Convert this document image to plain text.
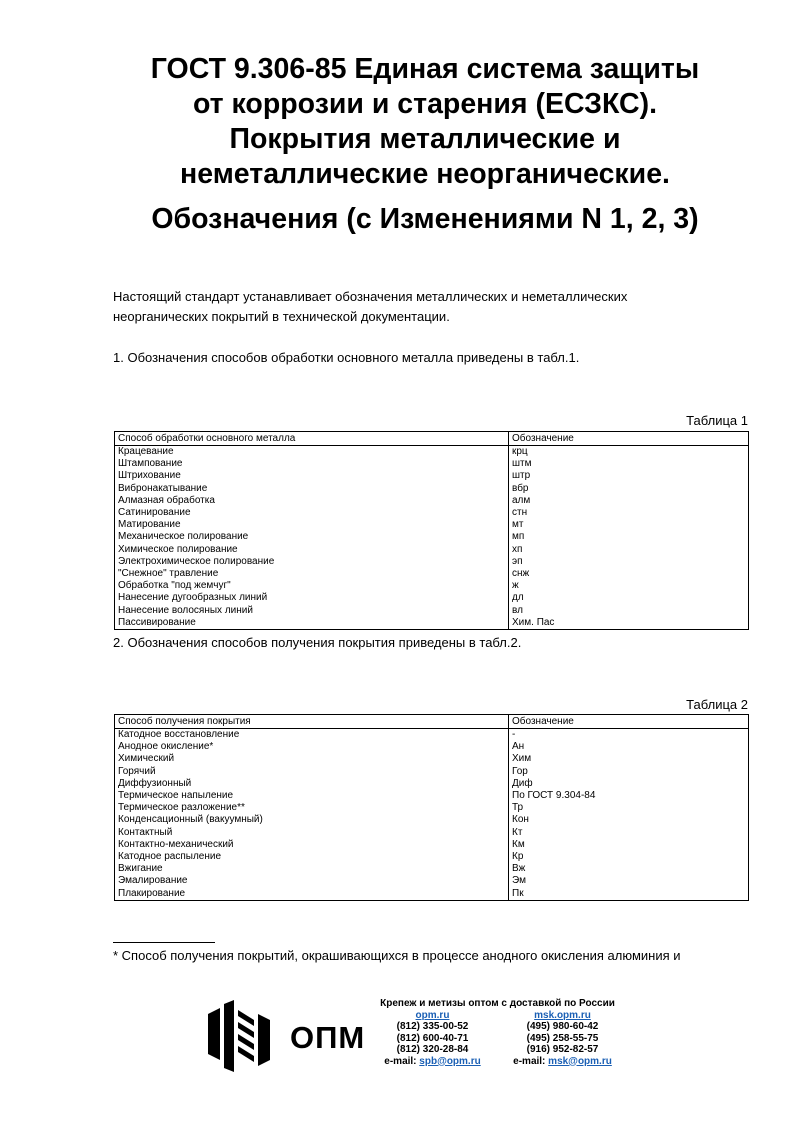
ГОСТ 9.306-85 Единая система защиты
от коррозии и старения (ЕСЗКС).
Покрытия металлические и
неметаллические неорганические.
Обозначения (с Изменениями N 1, 2, 3)
Настоящий стандарт устанавливает обозначения металлических и неметаллических
неорганических покрытий в технической документации.
1. Обозначения способов обработки основного металла приведены в табл.1.
Таблица 1
Способ обработки основного металла	Обозначение
Крацевание	крц
Штампование	штм
Штрихование	штр
Вибронакатывание	вбр
Алмазная обработка	алм
Сатинирование	стн
Матирование	мт
Механическое полирование	мп
Химическое полирование	хп
Электрохимическое полирование	эп
"Снежное" травление	снж
Обработка "под жемчуг"	ж
Нанесение дугообразных линий	дл
Нанесение волосяных линий	вл
Пассивирование	Хим. Пас
2. Обозначения способов получения покрытия приведены в табл.2.
Таблица 2
Способ получения покрытия	Обозначение
Катодное восстановление	-
Анодное окисление*	Ан
Химический	Хим
Горячий	Гор
Диффузионный	Диф
Термическое напыление	По ГОСТ 9.304-84
Термическое разложение**	Тр
Конденсационный (вакуумный)	Кон
Контактный	Кт
Контактно-механический	Км
Катодное распыление	Кр
Вжигание	Вж
Эмалирование	Эм
Плакирование	Пк
* Способ получения покрытий, окрашивающихся в процессе анодного окисления алюминия и
ОПМ
Крепеж и метизы оптом с доставкой по России
opm.ru
(812) 335-00-52
(812) 600-40-71
(812) 320-28-84
e-mail: spb@opm.ru
msk.opm.ru
(495) 980-60-42
(495) 258-55-75
(916) 952-82-57
e-mail: msk@opm.ru
